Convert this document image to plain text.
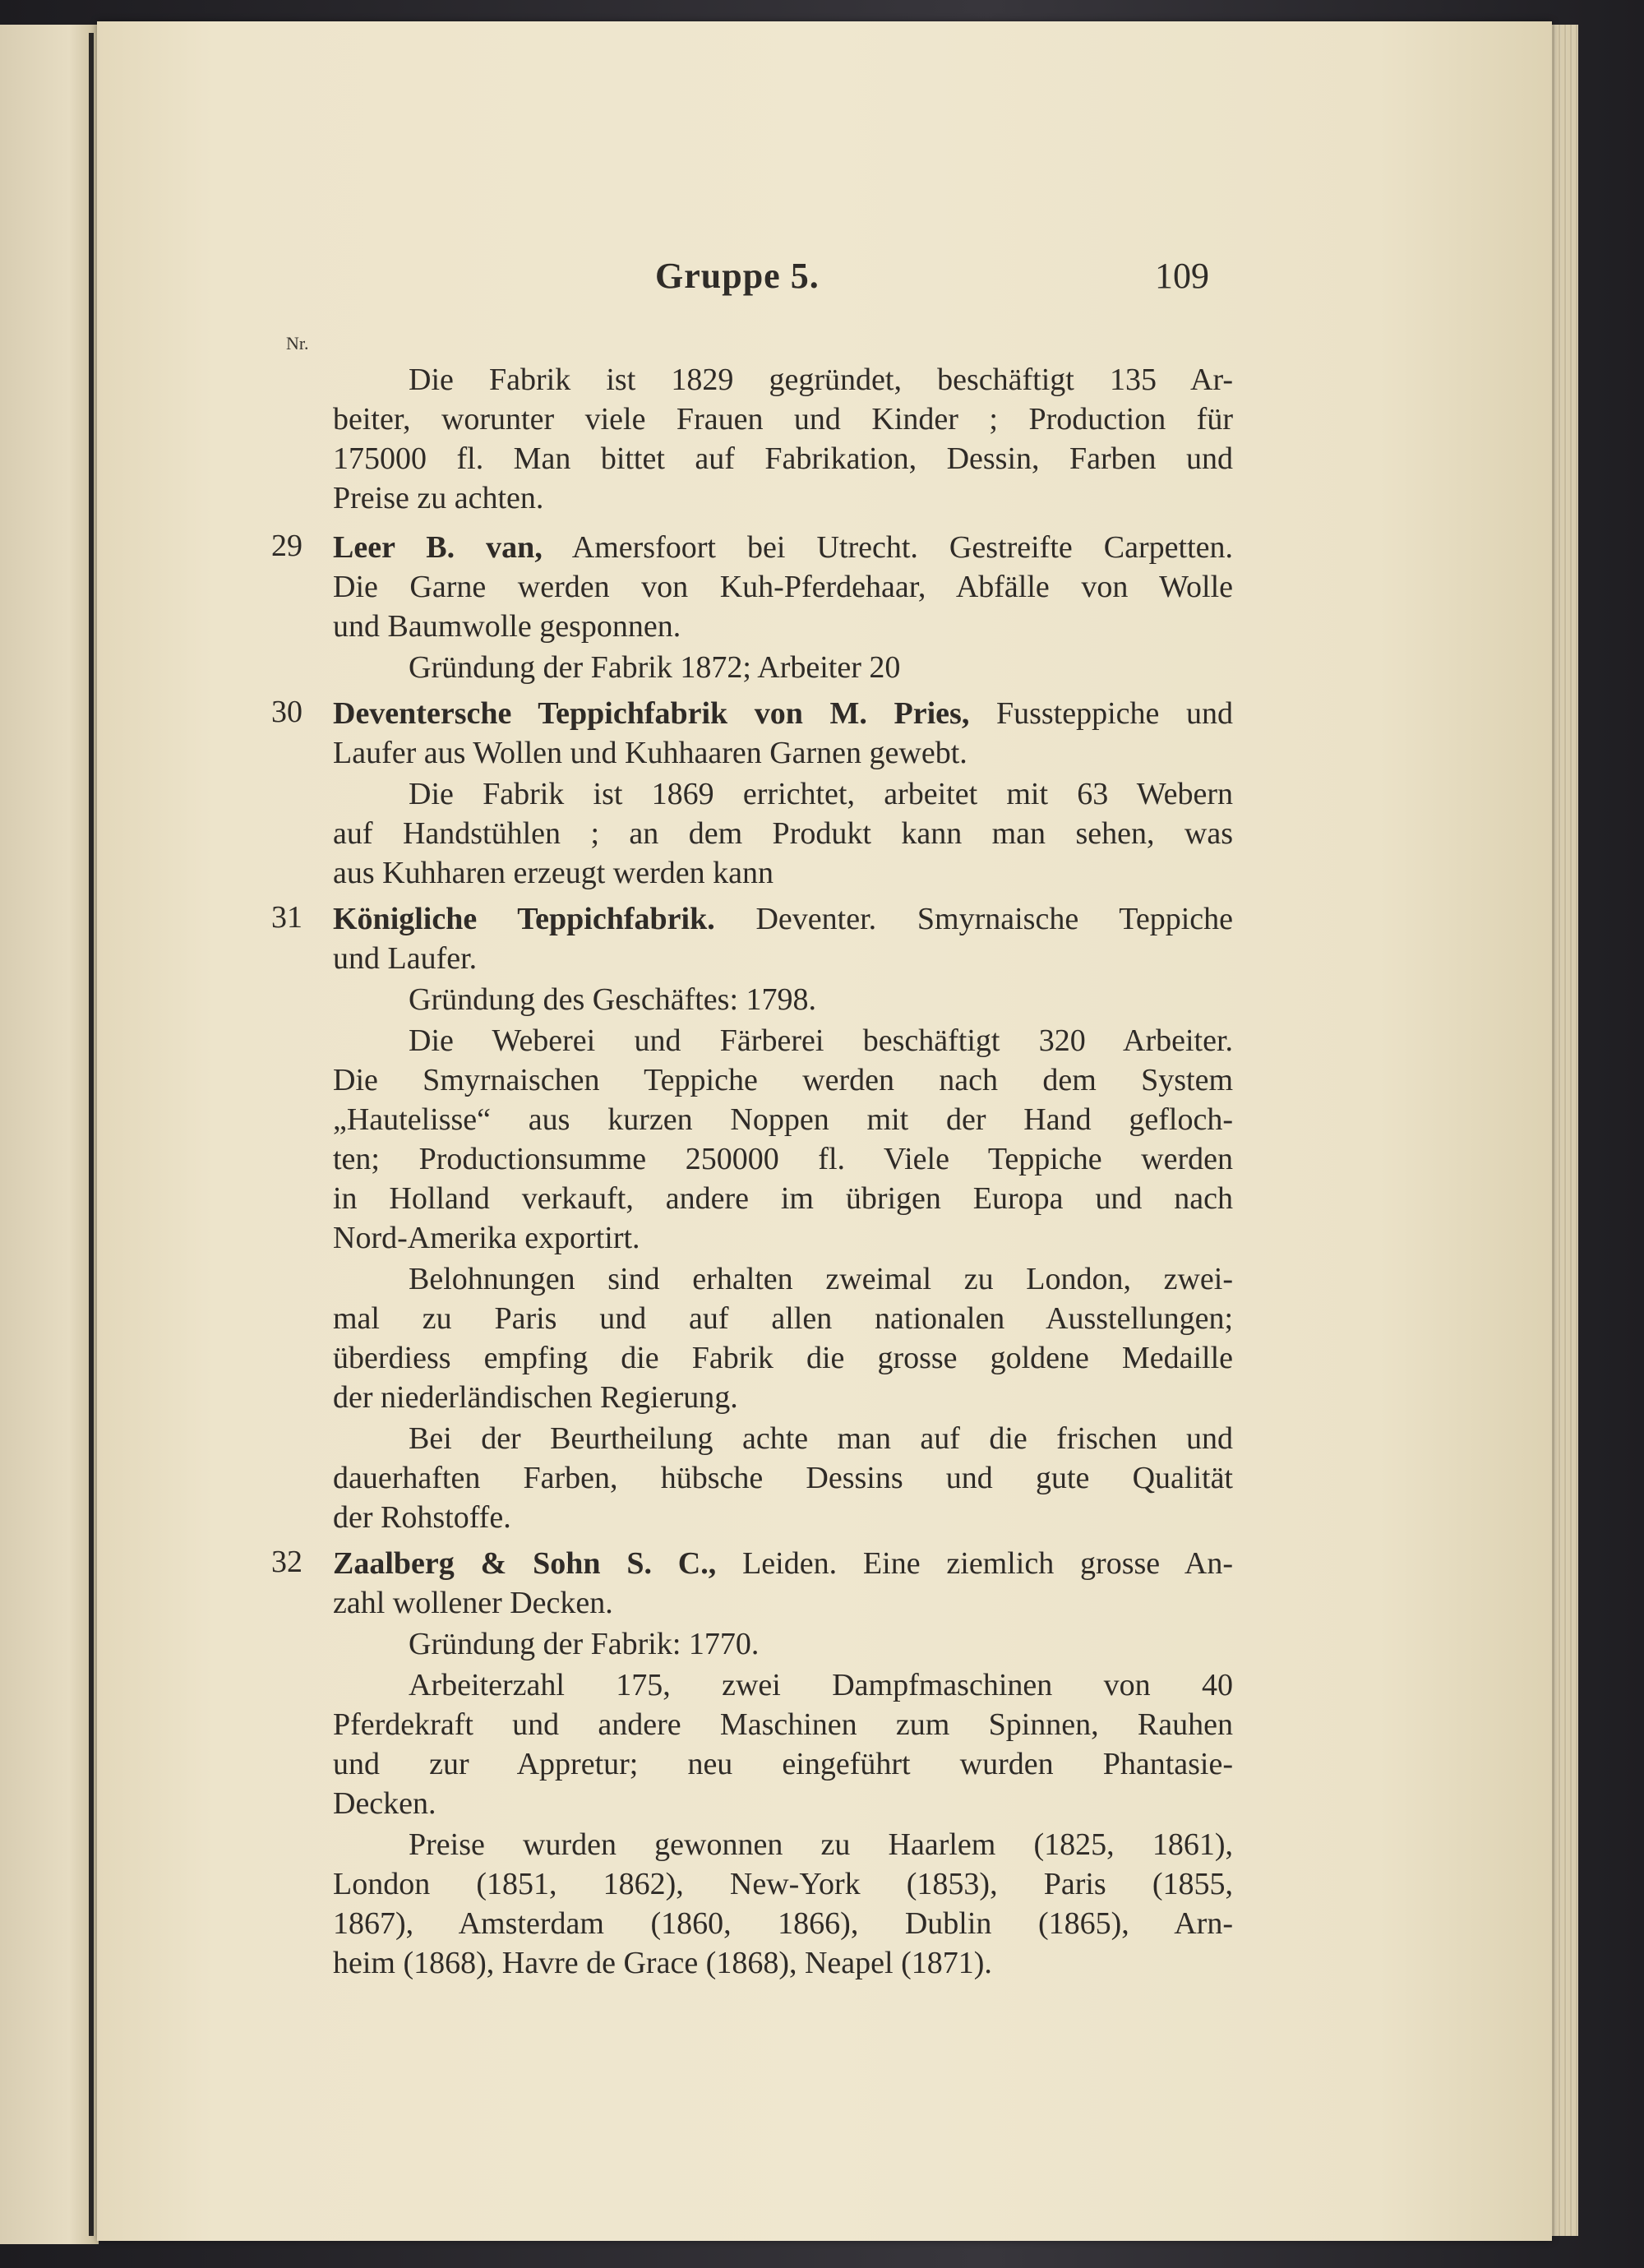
Gruppe 5.	109
Nr.
Die Fabrik ist 1829 gegründet, beschäftigt 135 Ar-
beiter, worunter viele Frauen und Kinder ; Production für
175000 fl. Man bittet auf Fabrikation, Dessin, Farben und
Preise zu achten.
29 Leer B. van, Amersfoort bei Utrecht. Gestreifte Carpetten.
Die Garne werden von Kuh-Pferdehaar, Abfälle von Wolle
und Baumwolle gesponnen.
Gründung der Fabrik 1872; Arbeiter 20
30 Deventersche Teppichfabrik von M. Pries, Fussteppiche und
Laufer aus Wollen und Kuhhaaren Garnen gewebt.
Die Fabrik ist 1869 errichtet, arbeitet mit 63 Webern
auf Handstühlen ; an dem Produkt kann man sehen, was
aus Kuhharen erzeugt werden kann
31 Königliche Teppichfabrik. Deventer. Smyrnaische Teppiche
und Laufer.
Gründung des Geschäftes: 1798.
Die Weberei und Färberei beschäftigt 320 Arbeiter.
Die Smyrnaischen Teppiche werden nach dem System
„Hautelisse“ aus kurzen Noppen mit der Hand gefloch-
ten; Productionsumme 250000 fl. Viele Teppiche werden
in Holland verkauft, andere im übrigen Europa und nach
Nord-Amerika exportirt.
Belohnungen sind erhalten zweimal zu London, zwei-
mal zu Paris und auf allen nationalen Ausstellungen;
überdiess empfing die Fabrik die grosse goldene Medaille
der niederländischen Regierung.
Bei der Beurtheilung achte man auf die frischen und
dauerhaften Farben, hübsche Dessins und gute Qualität
der Rohstoffe.
32 Zaalberg & Sohn S. C., Leiden. Eine ziemlich grosse An-
zahl wollener Decken.
Gründung der Fabrik: 1770.
Arbeiterzahl 175, zwei Dampfmaschinen von 40
Pferdekraft und andere Maschinen zum Spinnen, Rauhen
und zur Appretur; neu eingeführt wurden Phantasie-
Decken.
Preise wurden gewonnen zu Haarlem (1825, 1861),
London (1851, 1862), New-York (1853), Paris (1855,
1867), Amsterdam (1860, 1866), Dublin (1865), Arn-
heim (1868), Havre de Grace (1868), Neapel (1871).
